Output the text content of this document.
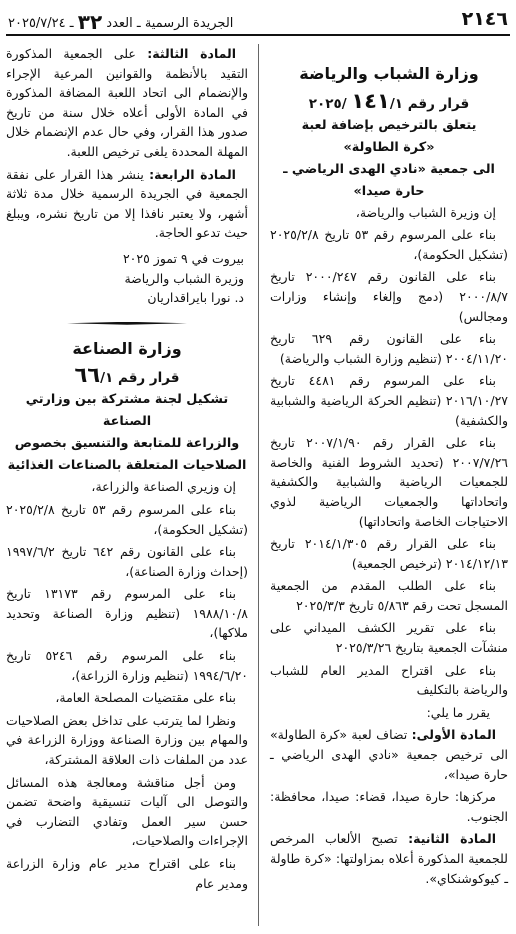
٢١٤٦
الجريدة الرسمية ـ العدد ٣٢ ـ ٢٠٢٥/٧/٢٤
وزارة الشباب والرياضة
قرار رقم ١٤١/١ /٢٠٢٥
يتعلق بالترخيص بإضافة لعبة
«كرة الطاولة»
الى جمعية «نادي الهدى الرياضي ـ
حارة صيدا»

إن وزيرة الشباب والرياضة،

بناء على المرسوم رقم ٥٣ تاريخ ٢٠٢٥/٢/٨ (تشكيل الحكومة)،

بناء على القانون رقم ٢٠٠٠/٢٤٧ تاريخ ٢٠٠٠/٨/٧ (دمج وإلغاء وإنشاء وزارات ومجالس)

بناء على القانون رقم ٦٢٩ تاريخ ٢٠٠٤/١١/٢٠ (تنظيم وزارة الشباب والرياضة)

بناء على المرسوم رقم ٤٤٨١ تاريخ ٢٠١٦/١٠/٢٧ (تنظيم الحركة الرياضية والشبابية والكشفية)

بناء على القرار رقم ٢٠٠٧/١/٩٠ تاريخ ٢٠٠٧/٧/٢٦ (تحديد الشروط الفنية والخاصة للجمعيات الرياضية والشبابية والكشفية واتحاداتها والجمعيات الرياضية لذوي الاحتياجات الخاصة واتحاداتها)

بناء على القرار رقم ٢٠١٤/١/٣٠٥ تاريخ ٢٠١٤/١٢/١٣ (ترخيص الجمعية)

بناء على الطلب المقدم من الجمعية المسجل تحت رقم ٥/٨٦٣ تاريخ ٢٠٢٥/٣/٣

بناء على تقرير الكشف الميداني على منشآت الجمعية بتاريخ ٢٠٢٥/٣/٢٦

بناء على اقتراح المدير العام للشباب والرياضة بالتكليف

يقرر ما يلي:

المادة الأولى: تضاف لعبة «كرة الطاولة» الى ترخيص جمعية «نادي الهدى الرياضي ـ حارة صيدا»،

مركزها: حارة صيدا، قضاء: صيدا، محافظة: الجنوب.

المادة الثانية: تصبح الألعاب المرخص للجمعية المذكورة أعلاه بمزاولتها: «كرة طاولة ـ كيوكوشنكاي».

المادة الثالثة: على الجمعية المذكورة التقيد بالأنظمة والقوانين المرعية الإجراء والإنضمام الى اتحاد اللعبة المضافة المذكورة في المادة الأولى أعلاه خلال سنة من تاريخ صدور هذا القرار، وفي حال عدم الإنضمام خلال المهلة المحددة يلغى ترخيص اللعبة.

المادة الرابعة: ينشر هذا القرار على نفقة الجمعية في الجريدة الرسمية خلال مدة ثلاثة أشهر، ولا يعتبر نافذا إلا من تاريخ نشره، ويبلغ حيث تدعو الحاجة.

بيروت في ٩ تموز ٢٠٢٥
وزيرة الشباب والرياضة
د. نورا بايراقداريان
وزارة الصناعة
قرار رقم ٦٦/١
تشكيل لجنة مشتركة بين وزارتي الصناعة
والزراعة للمتابعة والتنسيق بخصوص
الصلاحيات المتعلقة بالصناعات الغذائية

إن وزيري الصناعة والزراعة،

بناء على المرسوم رقم ٥٣ تاريخ ٢٠٢٥/٢/٨ (تشكيل الحكومة)،

بناء على القانون رقم ٦٤٢ تاريخ ١٩٩٧/٦/٢ (إحداث وزارة الصناعة)،

بناء على المرسوم رقم ١٣١٧٣ تاريخ ١٩٨٨/١٠/٨ (تنظيم وزارة الصناعة وتحديد ملاكها)،

بناء على المرسوم رقم ٥٢٤٦ تاريخ ١٩٩٤/٦/٢٠ (تنظيم وزارة الزراعة)،

بناء على مقتضيات المصلحة العامة،

ونظرا لما يترتب على تداخل بعض الصلاحيات والمهام بين وزارة الصناعة ووزارة الزراعة في عدد من الملفات ذات العلاقة المشتركة،

ومن أجل مناقشة ومعالجة هذه المسائل والتوصل الى آليات تنسيقية واضحة تضمن حسن سير العمل وتفادي التضارب في الإجراءات والصلاحيات،

بناء على اقتراح مدير عام وزارة الزراعة ومدير عام
